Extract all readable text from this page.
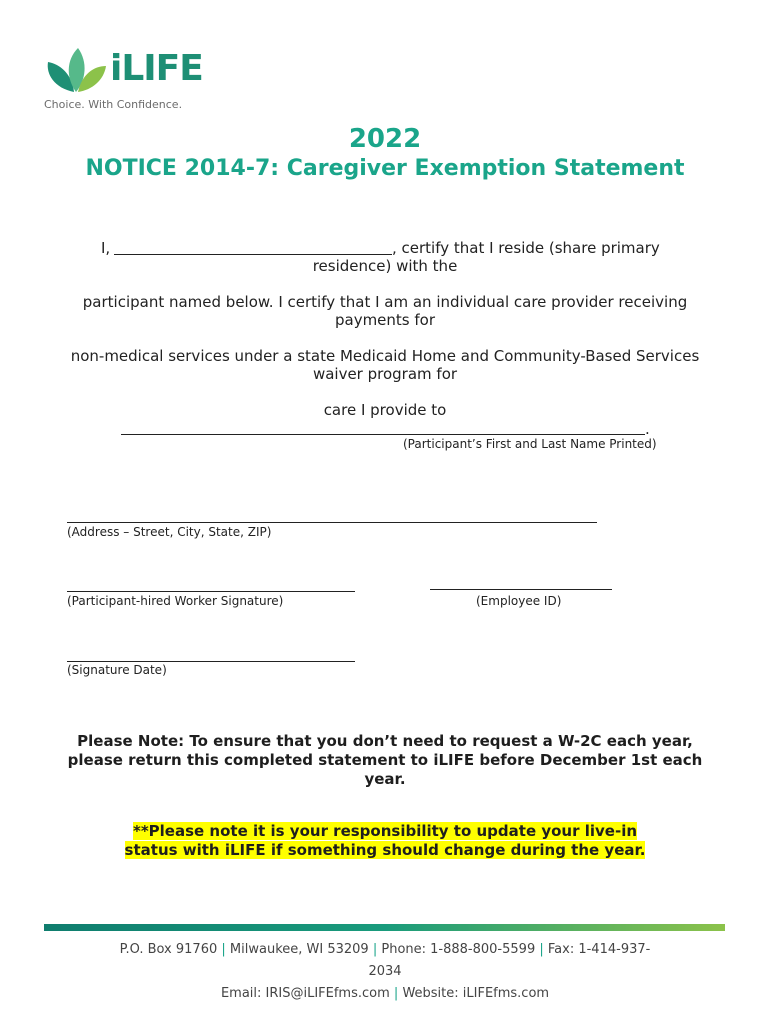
iLIFE
Choice. With Confidence.
2022
NOTICE 2014-7: Caregiver Exemption Statement
I,	, certify that I reside (share primary
residence) with the
participant named below. I certify that I am an individual care provider receiving
payments for
non-medical services under a state Medicaid Home and Community-Based Services
waiver program for
care I provide to
.
(Participant’s First and Last Name Printed)
(Address – Street, City, State, ZIP)
(Participant-hired Worker Signature)	(Employee ID)
(Signature Date)
Please Note: To ensure that you don’t need to request a W-2C each year,
please return this completed statement to iLIFE before December 1st each
year.
**Please note it is your responsibility to update your live-in
status with iLIFE if something should change during the year.
P.O. Box 91760 | Milwaukee, WI 53209 | Phone: 1-888-800-5599 | Fax: 1-414-937-
2034
Email: IRIS@iLIFEfms.com | Website: iLIFEfms.com
